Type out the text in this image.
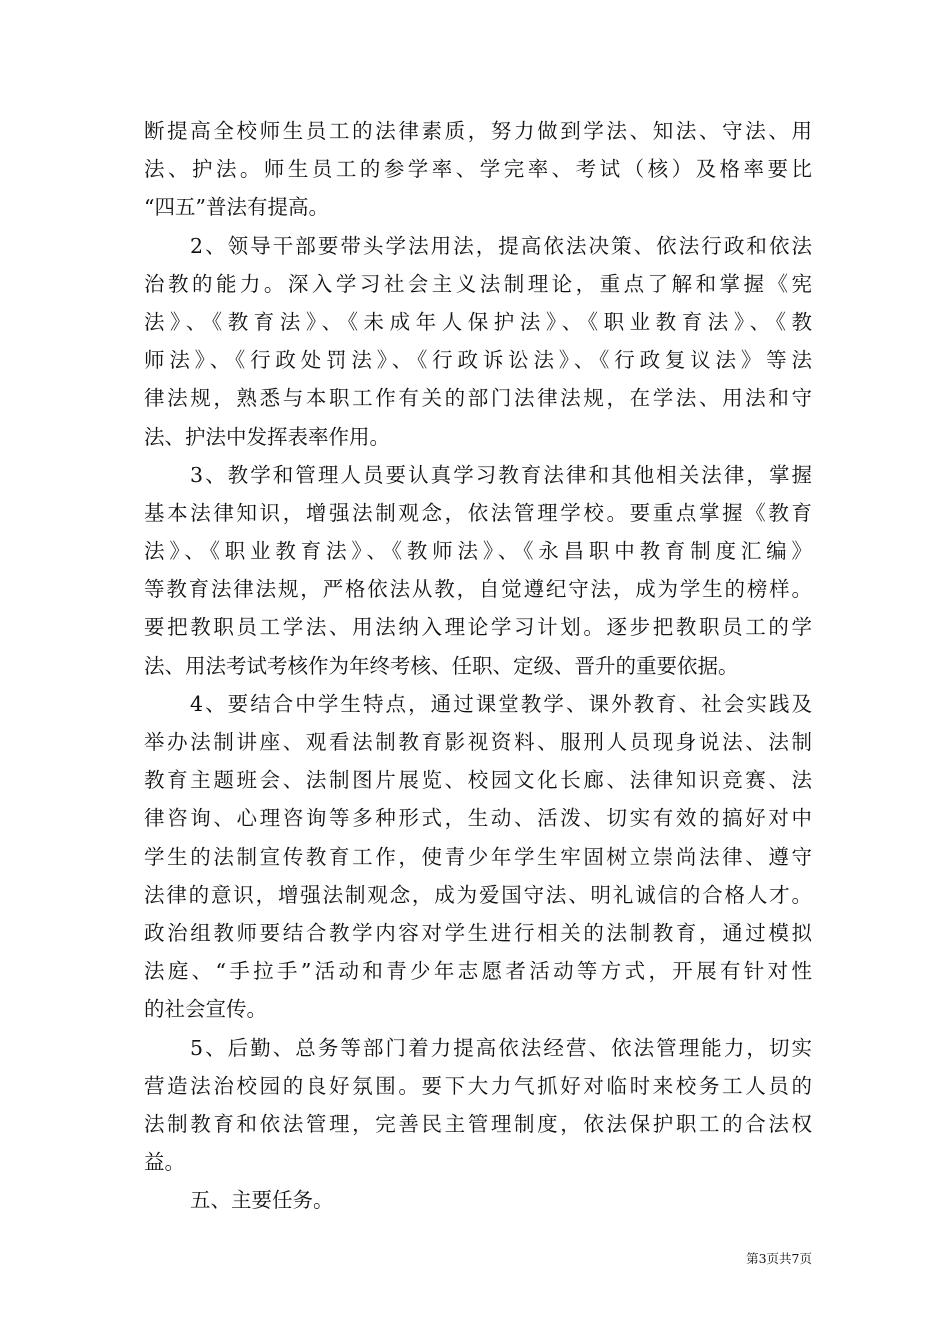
断提高全校师生员工的法律素质，努力做到学法、知法、守法、用
法、护法。师生员工的参学率、学完率、考试（核）及格率要比
“四五”普法有提高。
2、领导干部要带头学法用法，提高依法决策、依法行政和依法
治教的能力。深入学习社会主义法制理论，重点了解和掌握《宪
法》、《教育法》、《未成年人保护法》、《职业教育法》、《教
师法》、《行政处罚法》、《行政诉讼法》、《行政复议法》等法
律法规，熟悉与本职工作有关的部门法律法规，在学法、用法和守
法、护法中发挥表率作用。
3、教学和管理人员要认真学习教育法律和其他相关法律，掌握
基本法律知识，增强法制观念，依法管理学校。要重点掌握《教育
法》、《职业教育法》、《教师法》、《永昌职中教育制度汇编》
等教育法律法规，严格依法从教，自觉遵纪守法，成为学生的榜样。
要把教职员工学法、用法纳入理论学习计划。逐步把教职员工的学
法、用法考试考核作为年终考核、任职、定级、晋升的重要依据。
4、要结合中学生特点，通过课堂教学、课外教育、社会实践及
举办法制讲座、观看法制教育影视资料、服刑人员现身说法、法制
教育主题班会、法制图片展览、校园文化长廊、法律知识竞赛、法
律咨询、心理咨询等多种形式，生动、活泼、切实有效的搞好对中
学生的法制宣传教育工作，使青少年学生牢固树立崇尚法律、遵守
法律的意识，增强法制观念，成为爱国守法、明礼诚信的合格人才。
政治组教师要结合教学内容对学生进行相关的法制教育，通过模拟
法庭、“手拉手”活动和青少年志愿者活动等方式，开展有针对性
的社会宣传。
5、后勤、总务等部门着力提高依法经营、依法管理能力，切实
营造法治校园的良好氛围。要下大力气抓好对临时来校务工人员的
法制教育和依法管理，完善民主管理制度，依法保护职工的合法权
益。
五、主要任务。
第3页共7页
